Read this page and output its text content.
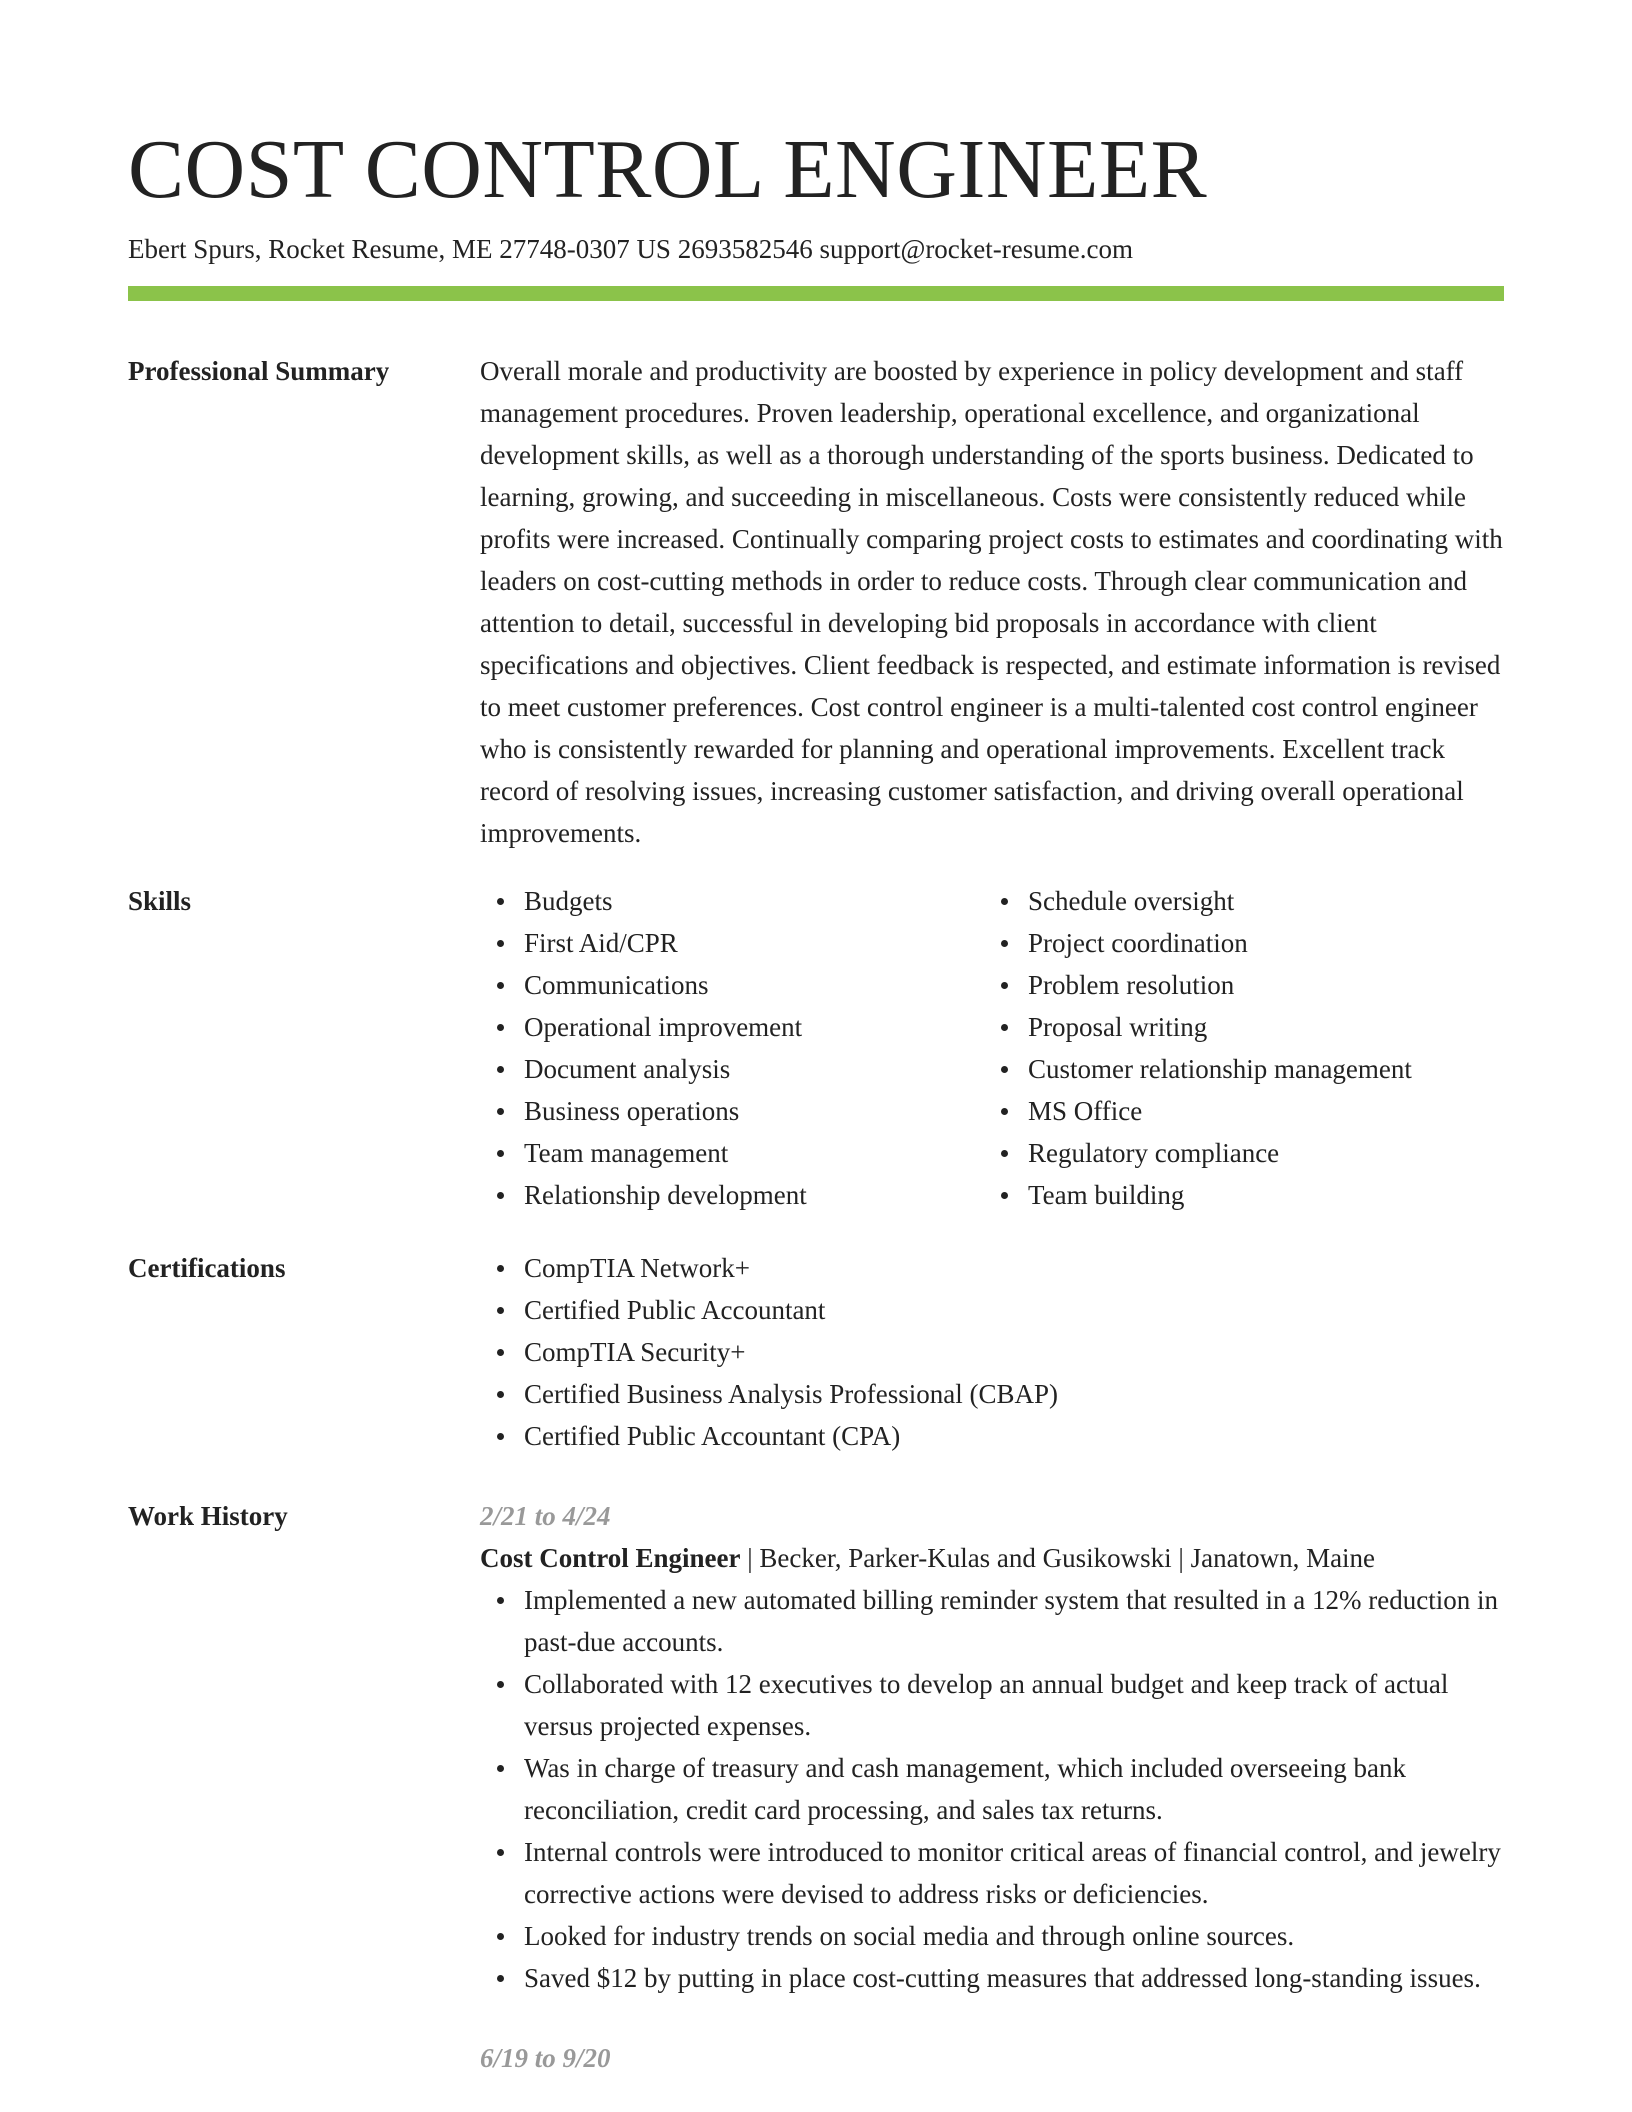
COST CONTROL ENGINEER
Ebert Spurs, Rocket Resume, ME 27748-0307 US 2693582546 support@rocket-resume.com
Professional Summary	Overall morale and productivity are boosted by experience in policy development and staff management procedures. Proven leadership, operational excellence, and organizational development skills, as well as a thorough understanding of the sports business. Dedicated to learning, growing, and succeeding in miscellaneous. Costs were consistently reduced while profits were increased. Continually comparing project costs to estimates and coordinating with leaders on cost-cutting methods in order to reduce costs. Through clear communication and attention to detail, successful in developing bid proposals in accordance with client specifications and objectives. Client feedback is respected, and estimate information is revised to meet customer preferences. Cost control engineer is a multi-talented cost control engineer who is consistently rewarded for planning and operational improvements. Excellent track record of resolving issues, increasing customer satisfaction, and driving overall operational improvements.

Skills	Budgets
First Aid/CPR
Communications
Operational improvement
Document analysis
Business operations
Team management
Relationship development
Schedule oversight
Project coordination
Problem resolution
Proposal writing
Customer relationship management
MS Office
Regulatory compliance
Team building
Certifications	CompTIA Network+
Certified Public Accountant
CompTIA Security+
Certified Business Analysis Professional (CBAP)
Certified Public Accountant (CPA)
Work History	2/21 to 4/24
Cost Control Engineer | Becker, Parker-Kulas and Gusikowski | Janatown, Maine
Implemented a new automated billing reminder system that resulted in a 12% reduction in past-due accounts.
Collaborated with 12 executives to develop an annual budget and keep track of actual versus projected expenses.
Was in charge of treasury and cash management, which included overseeing bank reconciliation, credit card processing, and sales tax returns.
Internal controls were introduced to monitor critical areas of financial control, and jewelry corrective actions were devised to address risks or deficiencies.
Looked for industry trends on social media and through online sources.
Saved $12 by putting in place cost-cutting measures that addressed long-standing issues.
6/19 to 9/20
